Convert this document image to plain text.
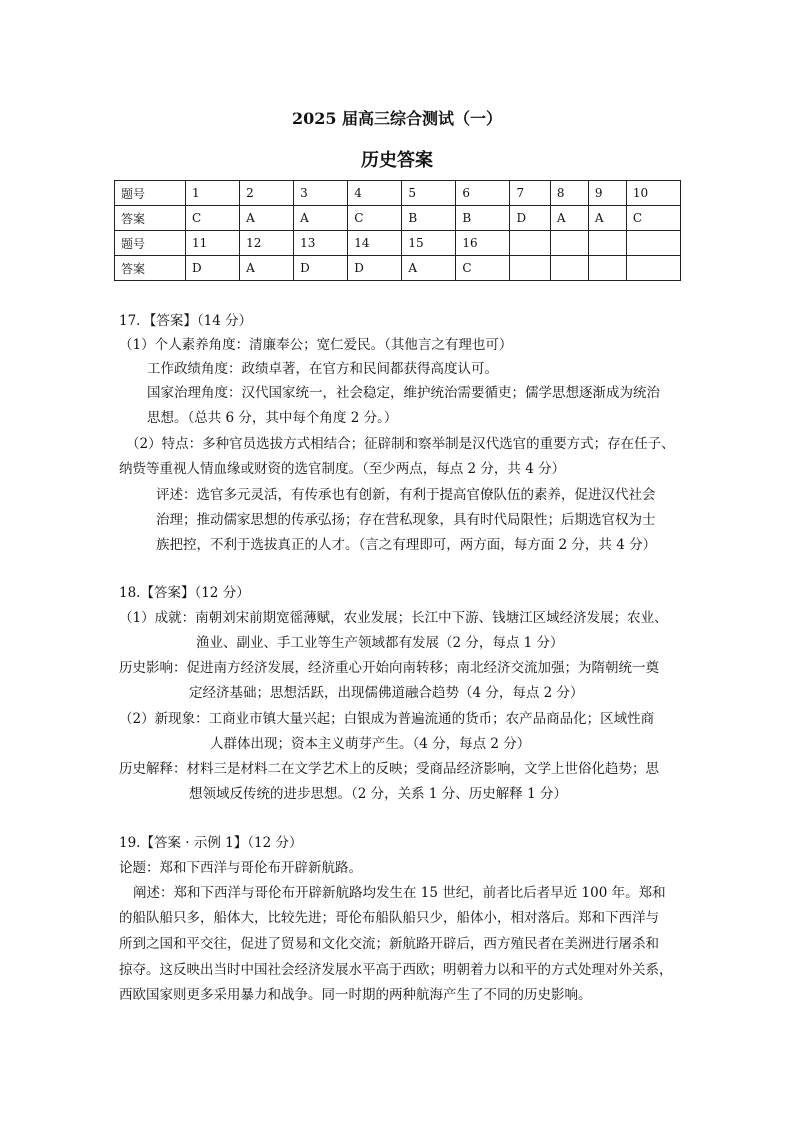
2025 届高三综合测试（一）
历史答案
题号	1	2	3	4	5	6	7	8	9	10
答案	C	A	A	C	B	B	D	A	A	C
题号	11	12	13	14	15	16				
答案	D	A	D	D	A	C				
17．【答案】（14 分）
（1）个人素养角度：清廉奉公；宽仁爱民。（其他言之有理也可）
工作政绩角度：政绩卓著，在官方和民间都获得高度认可。
国家治理角度：汉代国家统一，社会稳定，维护统治需要循吏；儒学思想逐渐成为统治
思想。（总共 6 分，其中每个角度 2 分。）
（2）特点：多种官员选拔方式相结合；征辟制和察举制是汉代选官的重要方式；存在任子、
纳赀等重视人情血缘或财资的选官制度。（至少两点，每点 2 分，共 4 分）
评述：选官多元灵活，有传承也有创新，有利于提高官僚队伍的素养，促进汉代社会
治理；推动儒家思想的传承弘扬；存在营私现象，具有时代局限性；后期选官权为士
族把控，不利于选拔真正的人才。（言之有理即可，两方面，每方面 2 分，共 4 分）
18.【答案】（12 分）
（1）成就：南朝刘宋前期宽徭薄赋，农业发展；长江中下游、钱塘江区域经济发展；农业、
渔业、副业、手工业等生产领域都有发展（2 分，每点 1 分）
历史影响：促进南方经济发展，经济重心开始向南转移；南北经济交流加强；为隋朝统一奠
定经济基础；思想活跃，出现儒佛道融合趋势（4 分，每点 2 分）
（2）新现象：工商业市镇大量兴起；白银成为普遍流通的货币；农产品商品化；区域性商
人群体出现；资本主义萌芽产生。（4 分，每点 2 分）
历史解释：材料三是材料二在文学艺术上的反映；受商品经济影响，文学上世俗化趋势；思
想领域反传统的进步思想。（2 分，关系 1 分、历史解释 1 分）
19.【答案 · 示例 1】（12 分）
论题：郑和下西洋与哥伦布开辟新航路。
阐述：郑和下西洋与哥伦布开辟新航路均发生在 15 世纪，前者比后者早近 100 年。郑和
的船队船只多，船体大，比较先进；哥伦布船队船只少，船体小，相对落后。郑和下西洋与
所到之国和平交往，促进了贸易和文化交流；新航路开辟后，西方殖民者在美洲进行屠杀和
掠夺。这反映出当时中国社会经济发展水平高于西欧；明朝着力以和平的方式处理对外关系，
西欧国家则更多采用暴力和战争。同一时期的两种航海产生了不同的历史影响。
